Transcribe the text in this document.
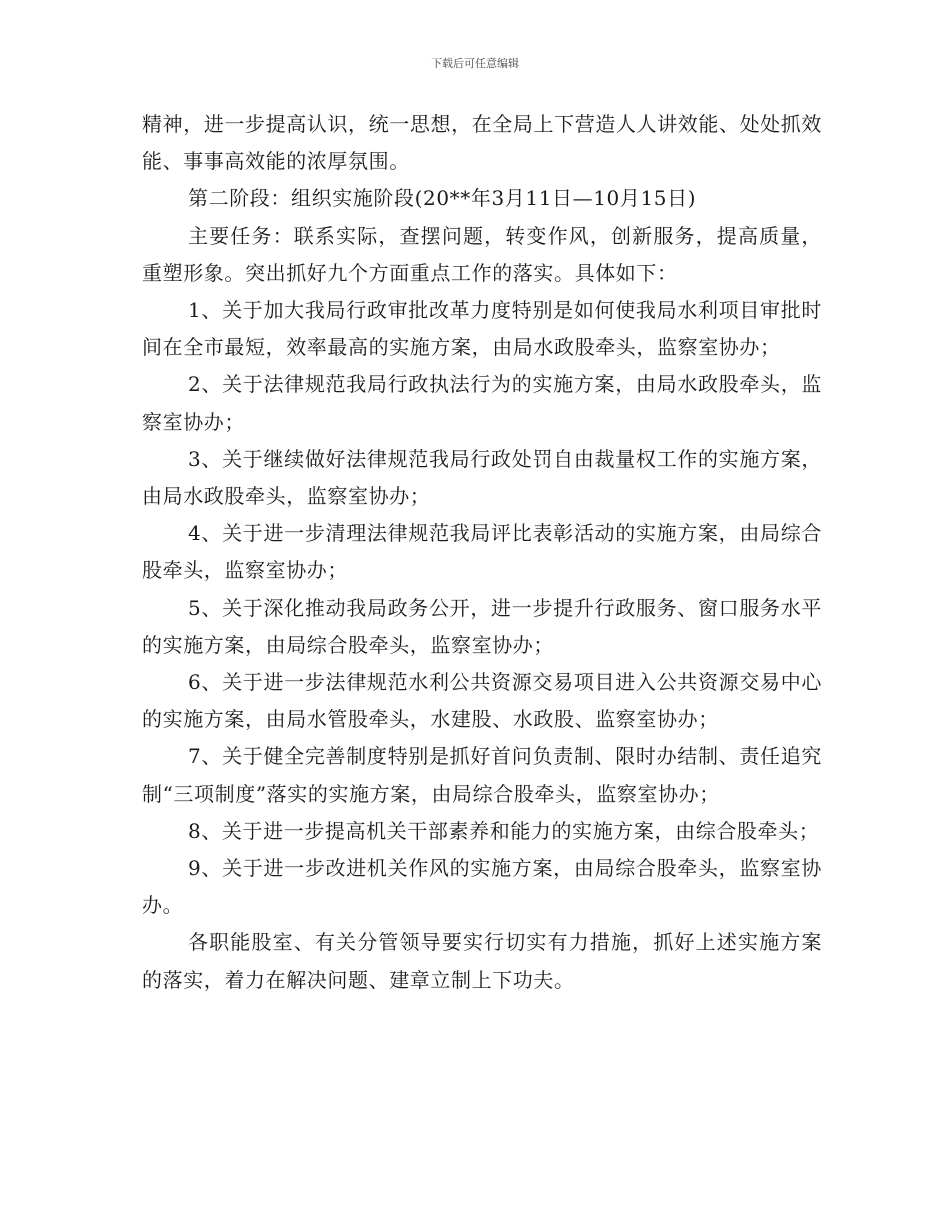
下载后可任意编辑

精神，进一步提高认识，统一思想，在全局上下营造人人讲效能、处处抓效能、事事高效能的浓厚氛围。

第二阶段：组织实施阶段(20**年3月11日—10月15日)

主要任务：联系实际，查摆问题，转变作风，创新服务，提高质量，重塑形象。突出抓好九个方面重点工作的落实。具体如下：

1、关于加大我局行政审批改革力度特别是如何使我局水利项目审批时间在全市最短，效率最高的实施方案，由局水政股牵头，监察室协办；

2、关于法律规范我局行政执法行为的实施方案，由局水政股牵头，监察室协办；

3、关于继续做好法律规范我局行政处罚自由裁量权工作的实施方案，由局水政股牵头，监察室协办；

4、关于进一步清理法律规范我局评比表彰活动的实施方案，由局综合股牵头，监察室协办；

5、关于深化推动我局政务公开，进一步提升行政服务、窗口服务水平的实施方案，由局综合股牵头，监察室协办；

6、关于进一步法律规范水利公共资源交易项目进入公共资源交易中心的实施方案，由局水管股牵头，水建股、水政股、监察室协办；

7、关于健全完善制度特别是抓好首问负责制、限时办结制、责任追究制“三项制度”落实的实施方案，由局综合股牵头，监察室协办；

8、关于进一步提高机关干部素养和能力的实施方案，由综合股牵头；

9、关于进一步改进机关作风的实施方案，由局综合股牵头，监察室协办。

各职能股室、有关分管领导要实行切实有力措施，抓好上述实施方案的落实，着力在解决问题、建章立制上下功夫。
